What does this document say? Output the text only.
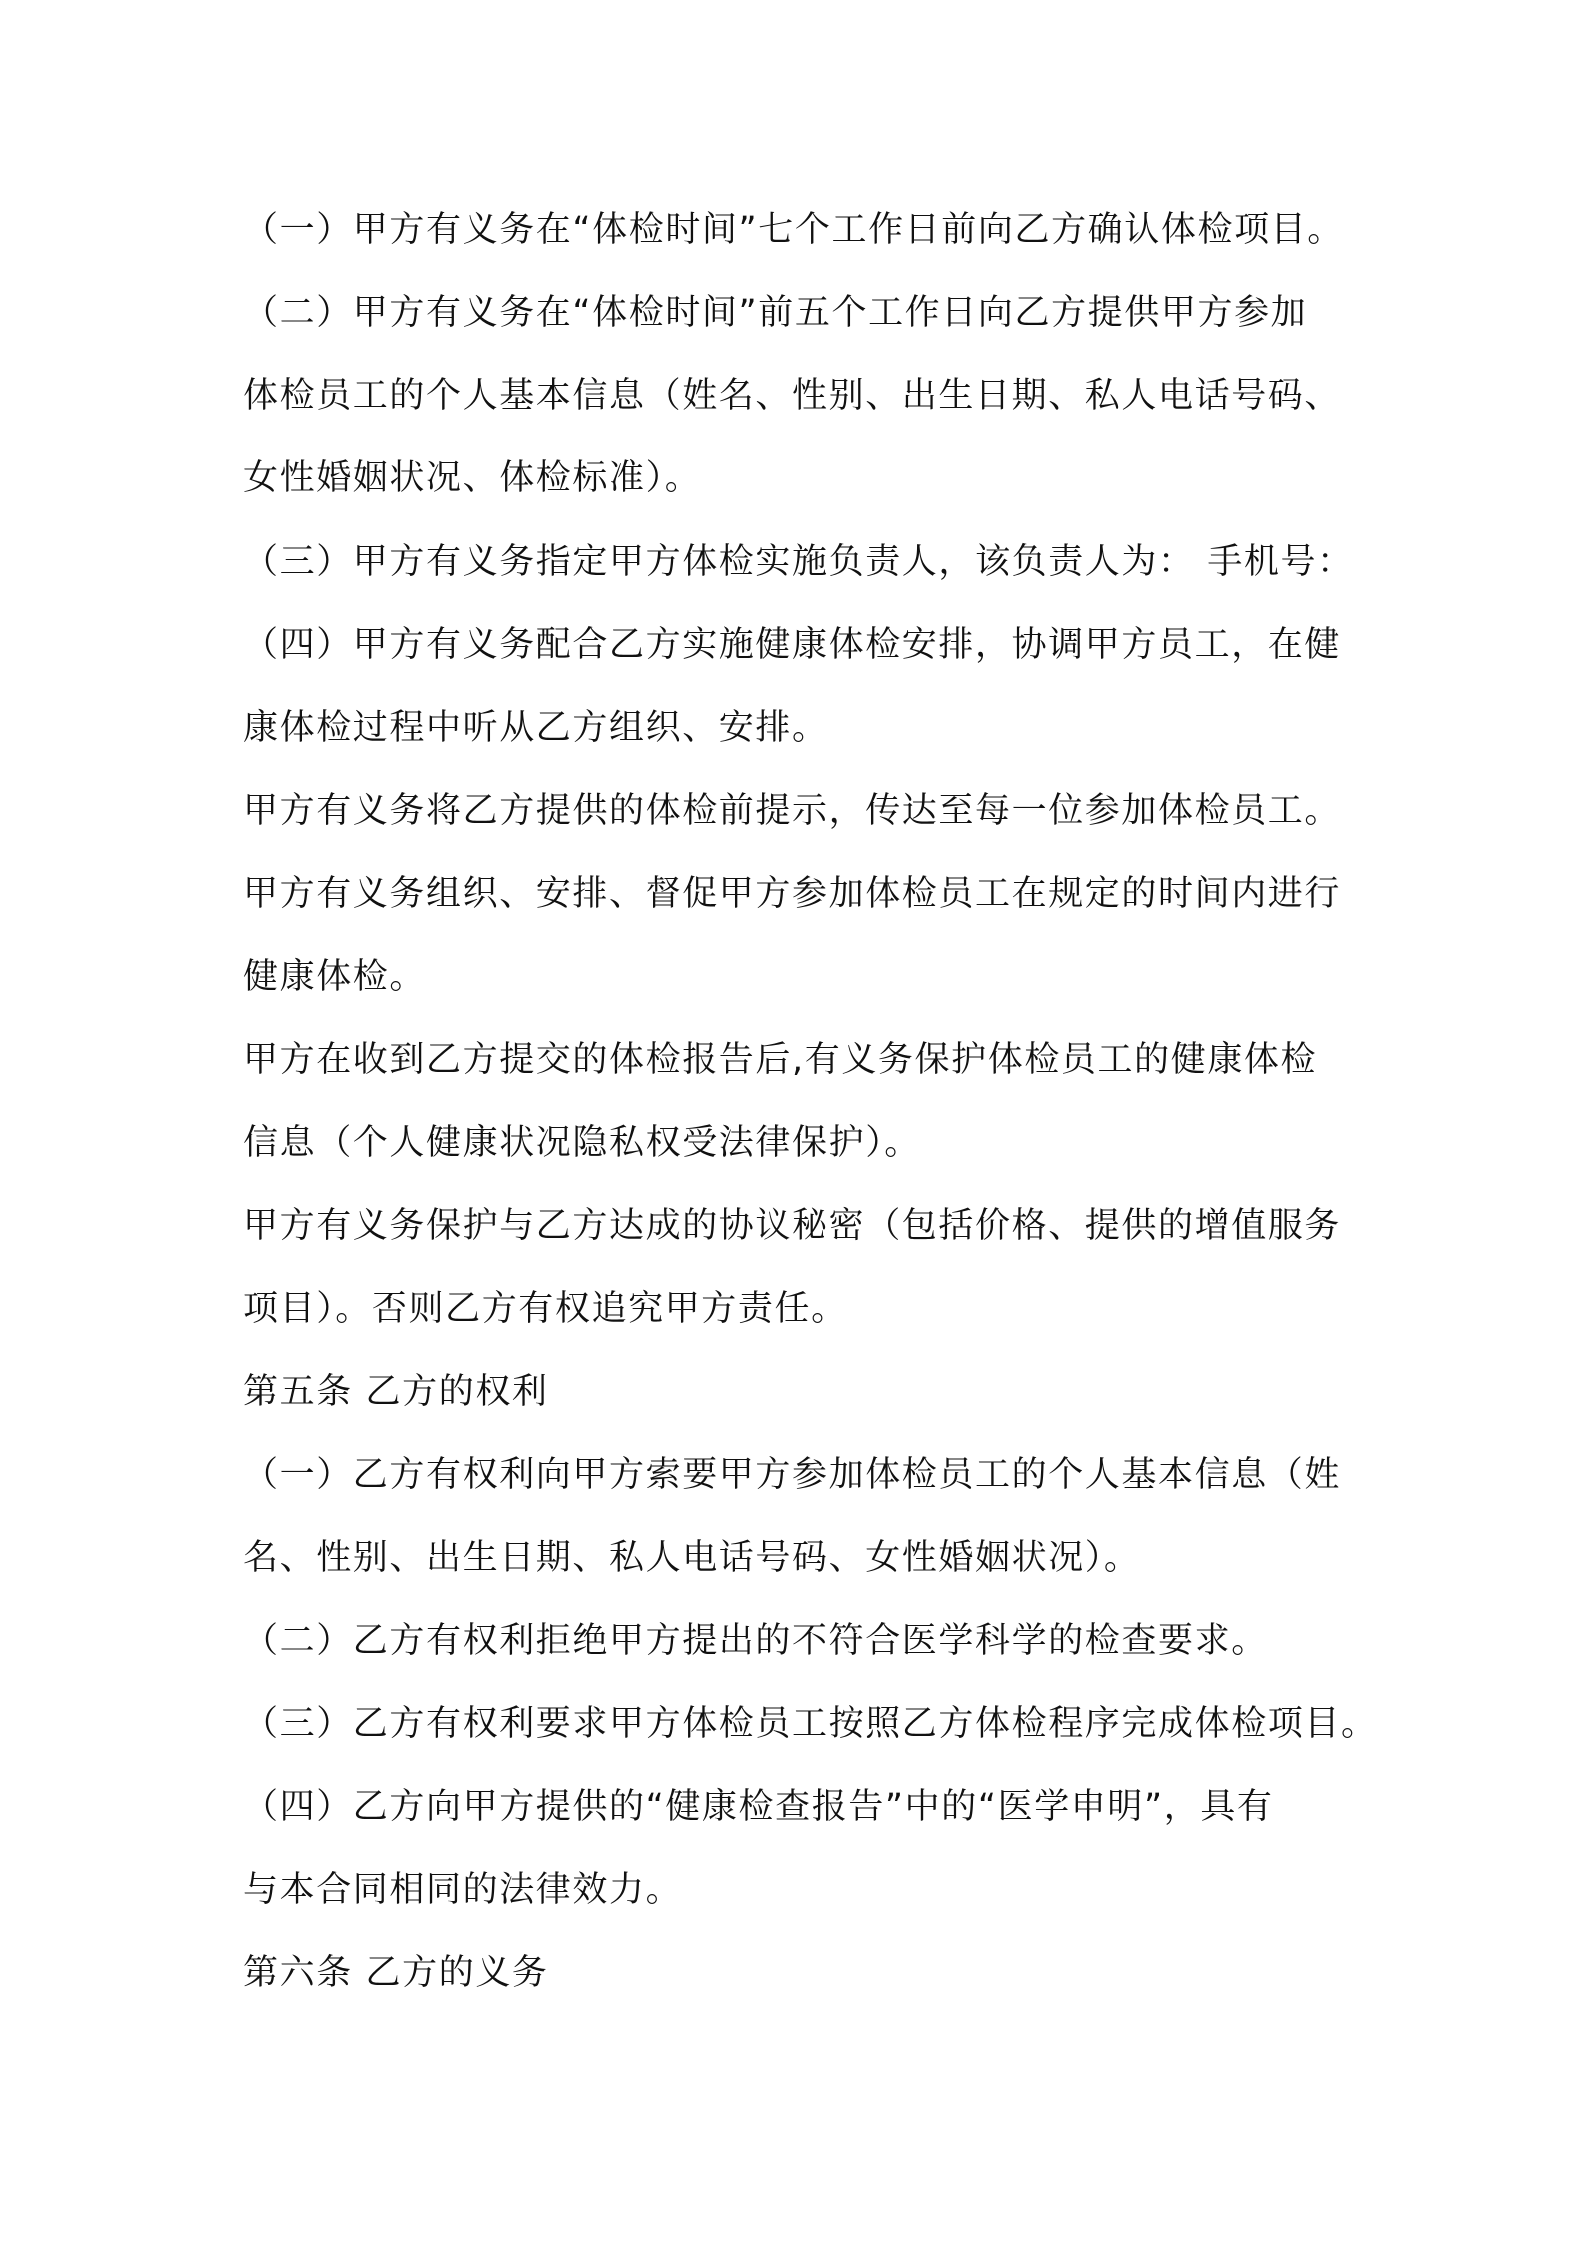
（一）甲方有义务在“体检时间”七个工作日前向乙方确认体检项目。
（二）甲方有义务在“体检时间”前五个工作日向乙方提供甲方参加
体检员工的个人基本信息（姓名、性别、出生日期、私人电话号码、
女性婚姻状况、体检标准）。
（三）甲方有义务指定甲方体检实施负责人，该负责人为： 手机号：
（四）甲方有义务配合乙方实施健康体检安排，协调甲方员工，在健
康体检过程中听从乙方组织、安排。
甲方有义务将乙方提供的体检前提示，传达至每一位参加体检员工。
甲方有义务组织、安排、督促甲方参加体检员工在规定的时间内进行
健康体检。
甲方在收到乙方提交的体检报告后,有义务保护体检员工的健康体检
信息（个人健康状况隐私权受法律保护）。
甲方有义务保护与乙方达成的协议秘密（包括价格、提供的增值服务
项目）。否则乙方有权追究甲方责任。
第五条 乙方的权利
（一）乙方有权利向甲方索要甲方参加体检员工的个人基本信息（姓
名、性别、出生日期、私人电话号码、女性婚姻状况）。
（二）乙方有权利拒绝甲方提出的不符合医学科学的检查要求。
（三）乙方有权利要求甲方体检员工按照乙方体检程序完成体检项目。
（四）乙方向甲方提供的“健康检查报告”中的“医学申明”，具有
与本合同相同的法律效力。
第六条 乙方的义务
